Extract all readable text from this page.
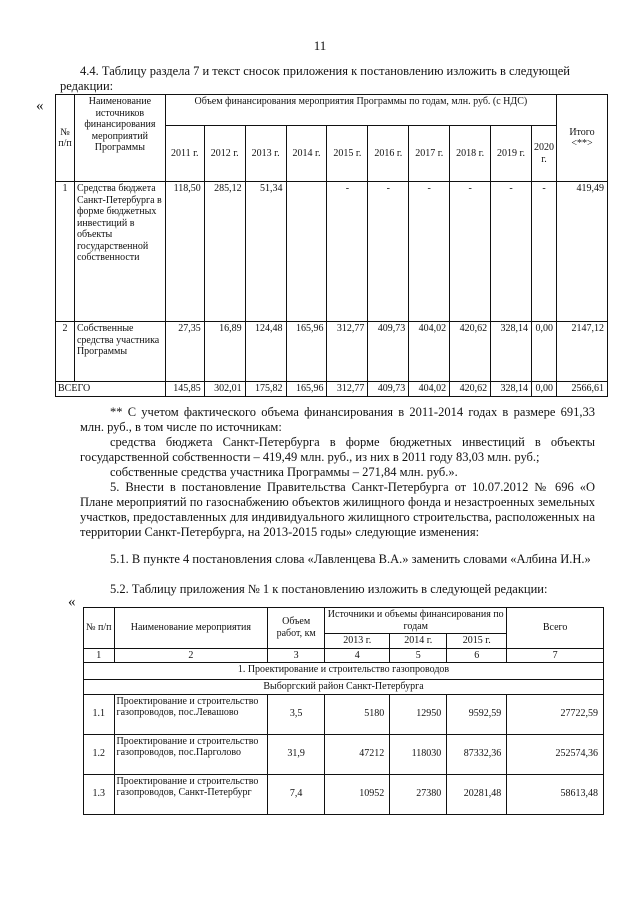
11
4.4. Таблицу раздела 7 и текст сносок приложения к постановлению изложить в следующей редакции:
«
№ п/п	Наименование источников финансирования мероприятий Программы	Объем финансирования мероприятия Программы по годам, млн. руб. (с НДС)										Итого <**>
		2011 г.	2012 г.	2013 г.	2014 г.	2015 г.	2016 г.	2017 г.	2018 г.	2019 г.	2020 г.	
1	Средства бюджета Санкт-Петербурга в форме бюджетных инвестиций в объекты государственной собственности	118,50	285,12	51,34		-	-	-	-	-	-	419,49
2	Собственные средства участника Программы	27,35	16,89	124,48	165,96	312,77	409,73	404,02	420,62	328,14	0,00	2147,12
ВСЕГО		145,85	302,01	175,82	165,96	312,77	409,73	404,02	420,62	328,14	0,00	2566,61
** С учетом фактического объема финансирования в 2011-2014 годах в размере 691,33 млн. руб., в том числе по источникам:
средства бюджета Санкт-Петербурга в форме бюджетных инвестиций в объекты государственной собственности – 419,49 млн. руб., из них в 2011 году 83,03 млн. руб.;
собственные средства участника Программы – 271,84 млн. руб.».
5. Внести в постановление Правительства Санкт-Петербурга от 10.07.2012 № 696 «О Плане мероприятий по газоснабжению объектов жилищного фонда и незастроенных земельных участков, предоставленных для индивидуального жилищного строительства, расположенных на территории Санкт-Петербурга, на 2013-2015 годы» следующие изменения:
5.1. В пункте 4 постановления слова «Лавленцева В.А.» заменить словами «Албина И.Н.»
5.2. Таблицу приложения № 1 к постановлению изложить в следующей редакции:
«
№ п/п	Наименование мероприятия	Объем работ, км	Источники и объемы финансирования по годам			Всего
			2013 г.	2014 г.	2015 г.	
1	2	3	4	5	6	7
1. Проектирование и строительство газопроводов						
Выборгский район Санкт-Петербурга						
1.1	Проектирование и строительство газопроводов, пос.Левашово	3,5	5180	12950	9592,59	27722,59
1.2	Проектирование и строительство газопроводов, пос.Парголово	31,9	47212	118030	87332,36	252574,36
1.3	Проектирование и строительство газопроводов, Санкт-Петербург	7,4	10952	27380	20281,48	58613,48
